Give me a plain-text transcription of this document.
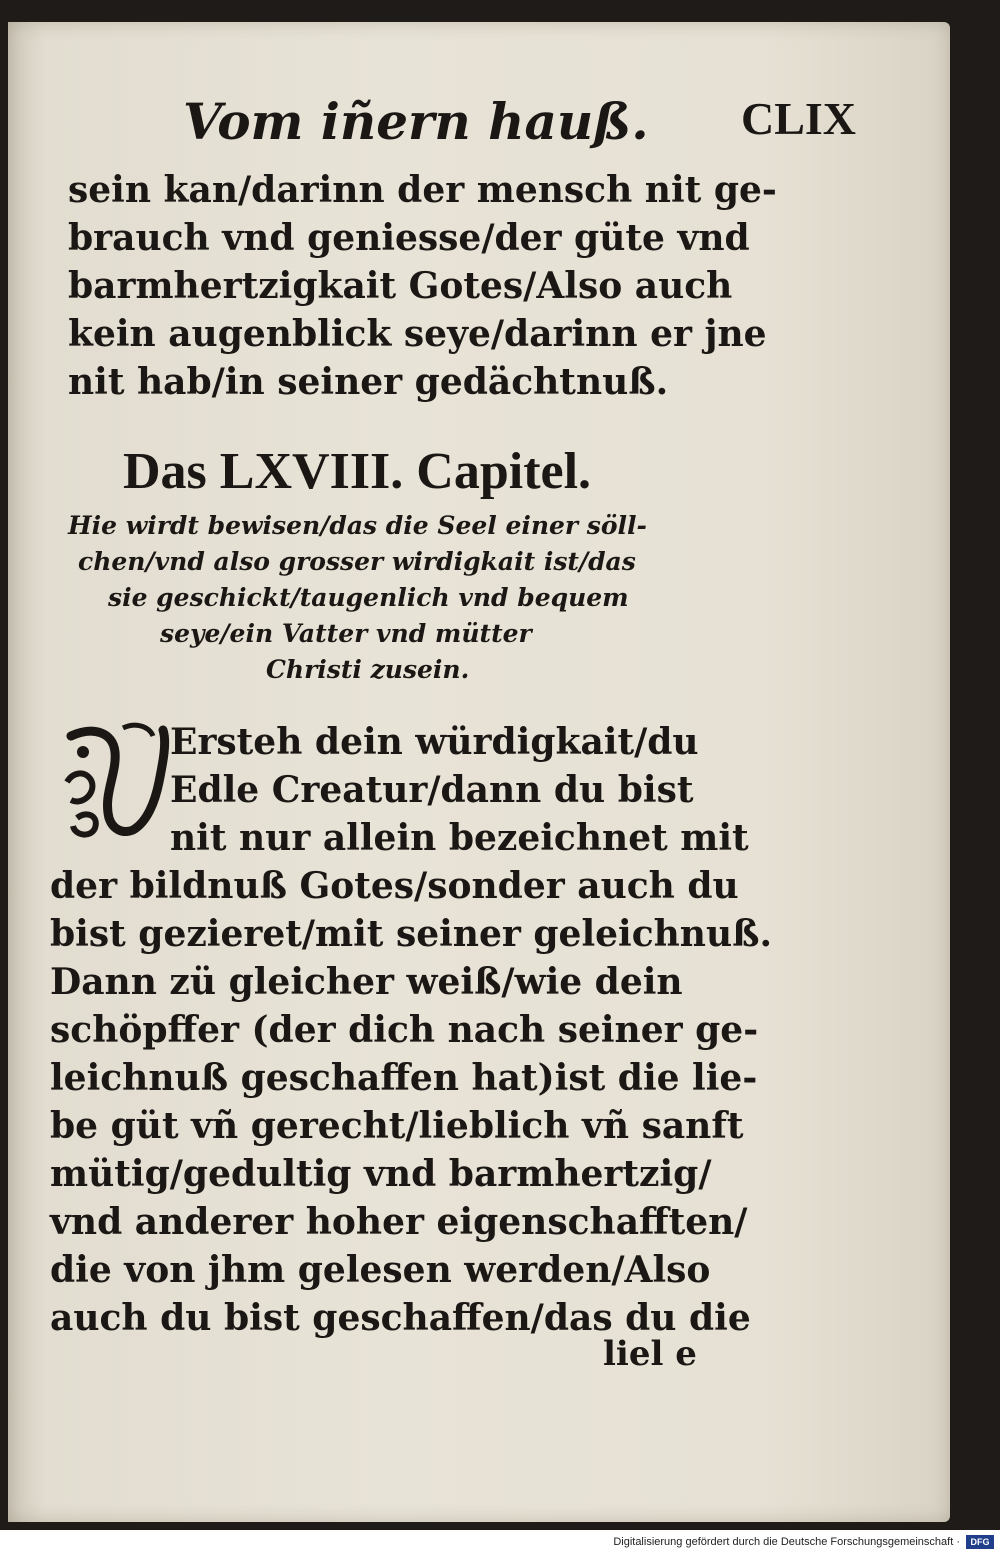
Vom iñern hauß. CLIX
sein kan/darinn der mensch nit ge-
brauch vnd geniesse/der güte vnd
barmhertzigkait Gotes/Also auch
kein augenblick seye/darinn er jne
nit hab/in seiner gedächtnuß.
Das LXVIII. Capitel.
Hie wirdt bewisen/das die Seel einer söll-
chen/vnd also grosser wirdigkait ist/das
sie geschickt/taugenlich vnd bequem
seye/ein Vatter vnd mütter
Christi zusein.
Ersteh dein würdigkait/du
Edle Creatur/dann du bist
nit nur allein bezeichnet mit
der bildnuß Gotes/sonder auch du
bist gezieret/mit seiner geleichnuß.
Dann zü gleicher weiß/wie dein
schöpffer (der dich nach seiner ge-
leichnuß geschaffen hat)ist die lie-
be güt vñ gerecht/lieblich vñ sanft
mütig/gedultig vnd barmhertzig/
vnd anderer hoher eigenschafften/
die von jhm gelesen werden/Also
auch du bist geschaffen/das du die
liel e
Digitalisierung gefördert durch die Deutsche Forschungsgemeinschaft ·	DFG
